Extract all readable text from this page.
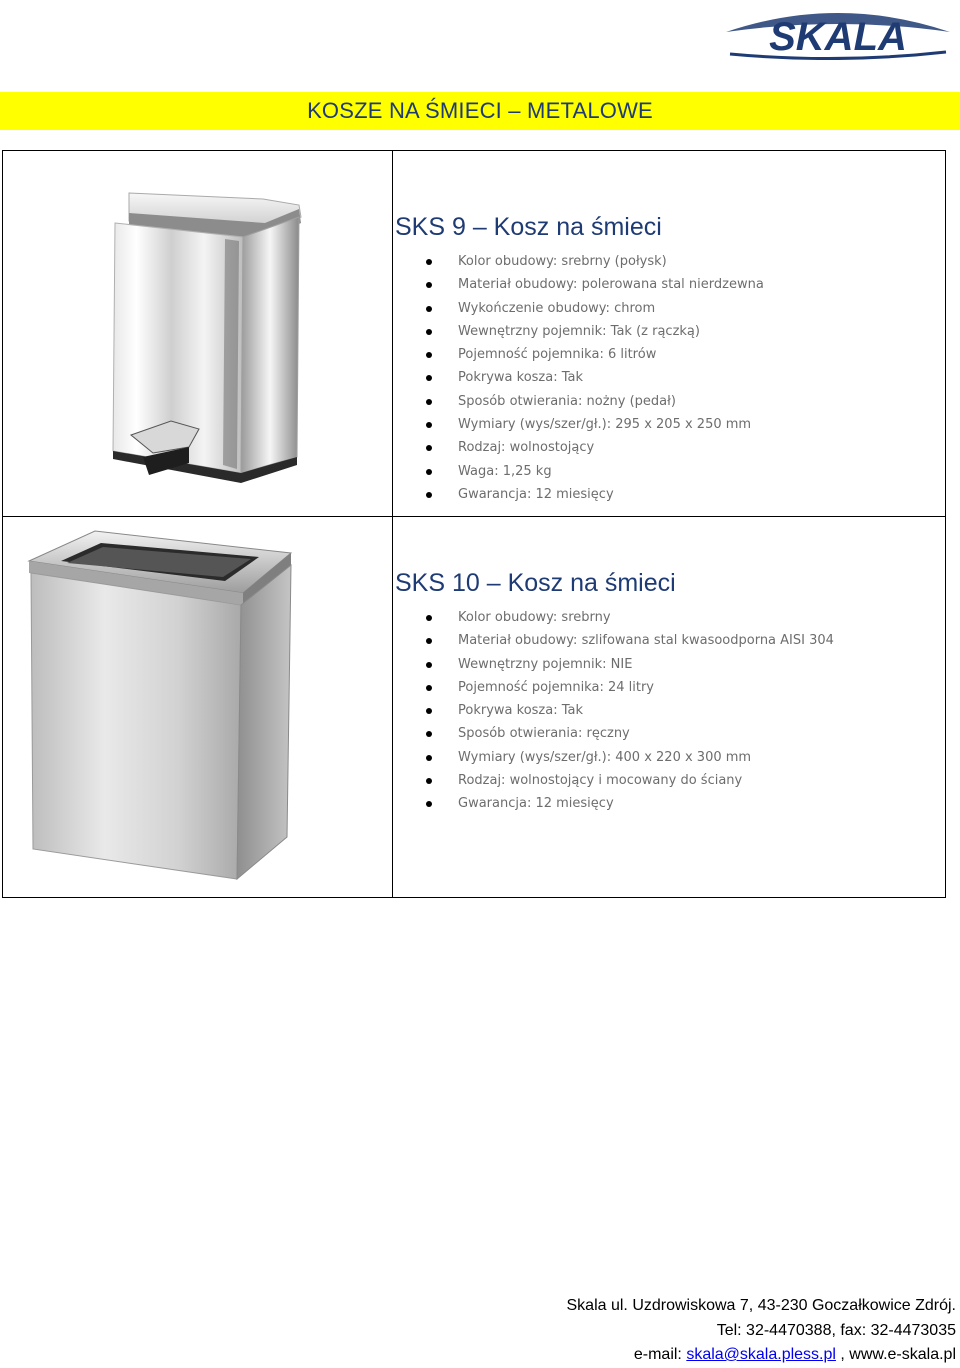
SKALA
KOSZE NA ŚMIECI – METALOWE
SKS 9 – Kosz na śmieci
Kolor obudowy: srebrny (połysk)
Materiał obudowy: polerowana stal nierdzewna
Wykończenie obudowy: chrom
Wewnętrzny pojemnik: Tak (z rączką)
Pojemność pojemnika: 6 litrów
Pokrywa kosza: Tak
Sposób otwierania: nożny (pedał)
Wymiary (wys/szer/gł.): 295 x 205 x 250 mm
Rodzaj: wolnostojący
Waga: 1,25 kg
Gwarancja: 12 miesięcy
SKS 10 – Kosz na śmieci
Kolor obudowy: srebrny
Materiał obudowy: szlifowana stal kwasoodporna AISI 304
Wewnętrzny pojemnik: NIE
Pojemność pojemnika: 24 litry
Pokrywa kosza: Tak
Sposób otwierania: ręczny
Wymiary (wys/szer/gł.): 400 x 220 x 300 mm
Rodzaj: wolnostojący i mocowany do ściany
Gwarancja: 12 miesięcy
Skala ul. Uzdrowiskowa 7, 43-230 Goczałkowice Zdrój.
Tel: 32-4470388, fax: 32-4473035
e-mail: skala@skala.pless.pl , www.e-skala.pl
